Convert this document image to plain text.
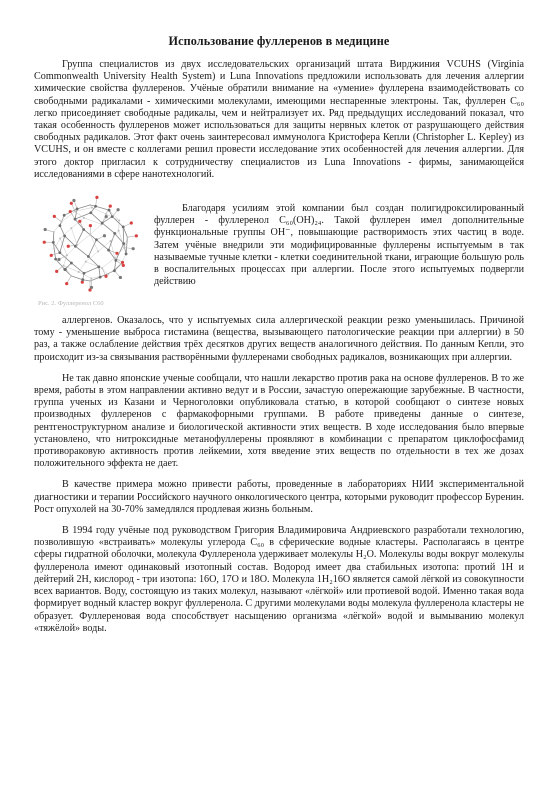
Использование фуллеренов в медицине

Группа специалистов из двух исследовательских организаций штата Вирджиния VCUHS (Virginia Commonwealth University Health System) и Luna Innovations предложили использовать для лечения аллергии химические свойства фуллеренов. Учёные обратили внимание на «умение» фуллерена взаимодействовать со свободными радикалами - химическими молекулами, имеющими неспаренные электроны. Так, фуллерен С₆₀ легко присоединяет свободные радикалы, чем и нейтрализует их. Ряд предыдущих исследований показал, что такая особенность фуллеренов может использоваться для защиты нервных клеток от разрушающего действия свободных радикалов. Этот факт очень заинтересовал иммунолога Кристофера Кепли (Christopher L. Kepley) из VCUHS, и он вместе с коллегами решил провести исследование этих особенностей для лечения аллергии. Для этого доктор пригласил к сотрудничеству специалистов из Luna Innovations - фирмы, занимающейся исследованиями в сфере нанотехнологий.

Рис. 2. Фуллеренол С60

Благодаря усилиям этой компании был создан полигидроксилированный фуллерен - фуллеренол С₆₀(OH)₂₄. Такой фуллерен имел дополнительные функциональные группы OH⁻, повышающие растворимость этих частиц в воде. Затем учёные внедрили эти модифицированные фуллерены испытуемым в так называемые тучные клетки - клетки соединительной ткани, играющие большую роль в воспалительных процессах при аллергии. После этого испытуемых подвергли действию

аллергенов. Оказалось, что у испытуемых сила аллергической реакции резко уменьшилась. Причиной тому - уменьшение выброса гистамина (вещества, вызывающего патологические реакции при аллергии) в 50 раз, а также ослабление действия трёх десятков других веществ аналогичного действия. По данным Кепли, это происходит из-за связывания растворёнными фуллеренами свободных радикалов, возникающих при аллергии.

Не так давно японские ученые сообщали, что нашли лекарство против рака на основе фуллеренов. В то же время, работы в этом направлении активно ведут и в России, зачастую опережающие зарубежные. В частности, группа ученых из Казани и Черноголовки опубликовала статью, в которой сообщают о синтезе новых производных фуллеренов с фармакофорными группами. В работе приведены данные о синтезе, рентгеноструктурном анализе и биологической активности этих веществ. В ходе исследования было впервые установлено, что нитроксидные метанофуллерены проявляют в комбинации с препаратом циклофосфамид противораковую активность против лейкемии, хотя введение этих веществ по отдельности в тех же дозах положительного эффекта не дает.

В качестве примера можно привести работы, проведенные в лабораториях НИИ экспериментальной диагностики и терапии Российского научного онкологического центра, которыми руководит профессор Буренин. Рост опухолей на 30-70% замедлялся продлевая жизнь больным.

В 1994 году учёные под руководством Григория Владимировича Андриевского разработали технологию, позволившую «встраивать» молекулы углерода С₆₀ в сферические водные кластеры. Располагаясь в центре сферы гидратной оболочки, молекула Фуллеренола удерживает молекулы H₂O. Молекулы воды вокруг молекулы фуллеренола имеют одинаковый изотопный состав. Водород имеет два стабильных изотопа: протий 1H и дейтерий 2H, кислород - три изотопа: 16O, 17O и 18O. Молекула 1H₂16O является самой лёгкой из совокупности всех вариантов. Воду, состоящую из таких молекул, называют «лёгкой» или протиевой водой. Именно такая вода формирует водный кластер вокруг фуллеренола. С другими молекулами воды молекула фуллеренола кластеры не образует. Фуллереновая вода способствует насыщению организма «лёгкой» водой и вымыванию молекул «тяжёлой» воды.
